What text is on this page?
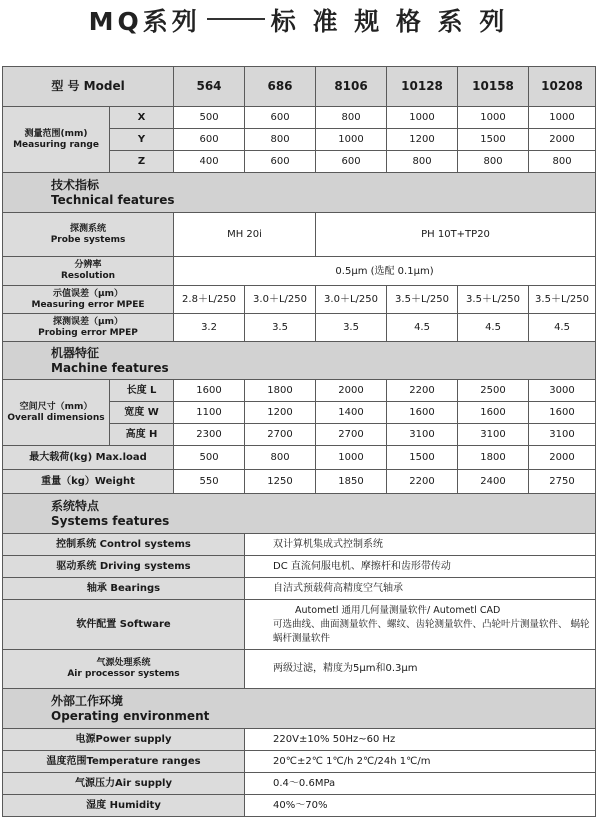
MQ系列	标 准 规 格 系 列
型 号 Model		564	686	8106	10128	10158	10208

测量范围(mm)
Measuring range	X	500	600	800	1000	1000	1000
	Y	600	800	1000	1200	1500	2000
	Z	400	600	600	800	800	800

技术指标
Technical features							

探测系统
Probe systems		MH 20i		PH 10T+TP20			

分辨率
Resolution		0.5μm (选配 0.1μm)					

示值误差（μm）
Measuring error MPEE		2.8＋L/250	3.0＋L/250	3.0＋L/250	3.5＋L/250	3.5＋L/250	3.5＋L/250

探测误差（μm）
Probing error MPEP		3.2	3.5	3.5	4.5	4.5	4.5

机器特征
Machine features							

空间尺寸（mm）
Overall dimensions	长度 L	1600	1800	2000	2200	2500	3000
	宽度 W	1100	1200	1400	1600	1600	1600
	高度 H	2300	2700	2700	3100	3100	3100
最大载荷(kg) Max.load		500	800	1000	1500	1800	2000
重量（kg）Weight		550	1250	1850	2200	2400	2750

系统特点
Systems features							

控制系统 Control systems			双计算机集成式控制系统				
驱动系统 Driving systems			DC 直流伺服电机、摩擦杆和齿形带传动				
轴承 Bearings			自洁式预载荷高精度空气轴承				
软件配置 Software			Autometl 通用几何量测量软件/ Autometl CAD
可选曲线、曲面测量软件、螺纹、齿轮测量软件、凸轮叶片测量软件、 蜗轮
蜗杆测量软件				

气源处理系统
Air processor systems			两级过滤，精度为5μm和0.3μm				

外部工作环境
Operating environment							

电源Power supply			220V±10% 50Hz~60 Hz				
温度范围Temperature ranges			20℃±2℃ 1℃/h 2℃/24h 1℃/m				
气源压力Air supply			0.4～0.6MPa				
湿度 Humidity			40%～70%				
